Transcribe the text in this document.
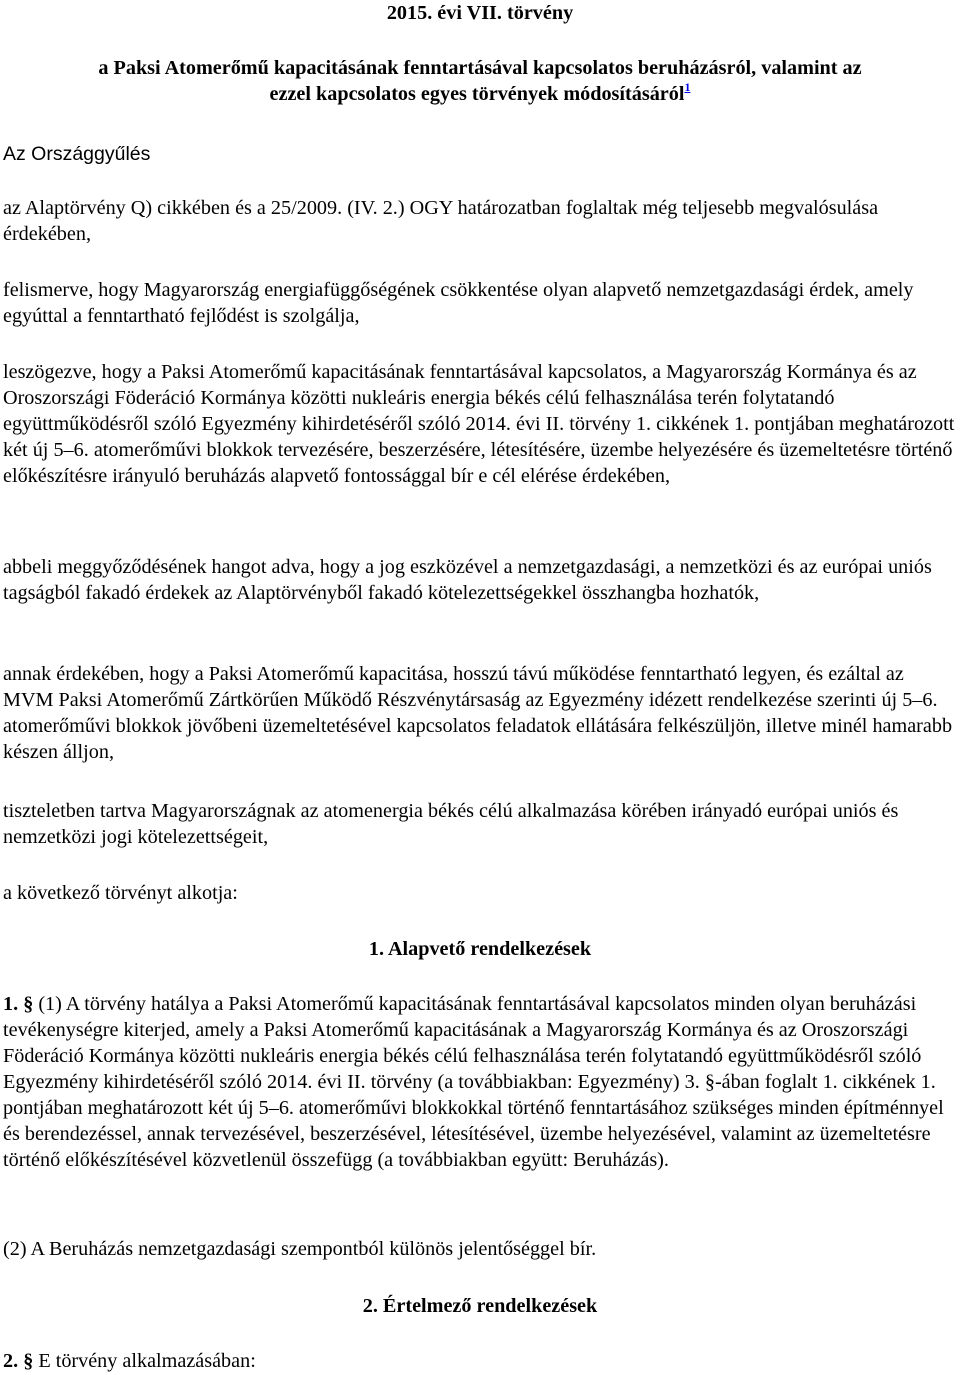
2015. évi VII. törvény

a Paksi Atomerőmű kapacitásának fenntartásával kapcsolatos beruházásról, valamint az

ezzel kapcsolatos egyes törvények módosításáról$^1$

Az Országgyűlés

az Alaptörvény Q) cikkében és a 25/2009. (IV. 2.) OGY határozatban foglaltak még teljesebb megvalósulása érdekében,

felismerve, hogy Magyarország energiafüggőségének csökkentése olyan alapvető nemzetgazdasági érdek, amely egyúttal a fenntartható fejlődést is szolgálja,

leszögezve, hogy a Paksi Atomerőmű kapacitásának fenntartásával kapcsolatos, a Magyarország Kormánya és az Oroszországi Föderáció Kormánya közötti nukleáris energia békés célú felhasználása terén folytatandó együttműködésről szóló Egyezmény kihirdetéséről szóló 2014. évi II. törvény 1. cikkének 1. pontjában meghatározott két új 5–6. atomerőművi blokkok tervezésére, beszerzésére, létesítésére, üzembe helyezésére és üzemeltetésre történő előkészítésre irányuló beruházás alapvető fontossággal bír e cél elérése érdekében,

abbeli meggyőződésének hangot adva, hogy a jog eszközével a nemzetgazdasági, a nemzetközi és az európai uniós tagságból fakadó érdekek az Alaptörvényből fakadó kötelezettségekkel összhangba hozhatók,

annak érdekében, hogy a Paksi Atomerőmű kapacitása, hosszú távú működése fenntartható legyen, és ezáltal az MVM Paksi Atomerőmű Zártkörűen Működő Részvénytársaság az Egyezmény idézett rendelkezése szerinti új 5–6. atomerőművi blokkok jövőbeni üzemeltetésével kapcsolatos feladatok ellátására felkészüljön, illetve minél hamarabb készen álljon,

tiszteletben tartva Magyarországnak az atomenergia békés célú alkalmazása körében irányadó európai uniós és nemzetközi jogi kötelezettségeit,

a következő törvényt alkotja:

1. Alapvető rendelkezések

1. § (1) A törvény hatálya a Paksi Atomerőmű kapacitásának fenntartásával kapcsolatos minden olyan beruházási tevékenységre kiterjed, amely a Paksi Atomerőmű kapacitásának a Magyarország Kormánya és az Oroszországi Föderáció Kormánya közötti nukleáris energia békés célú felhasználása terén folytatandó együttműködésről szóló Egyezmény kihirdetéséről szóló 2014. évi II. törvény (a továbbiakban: Egyezmény) 3. §-ában foglalt 1. cikkének 1. pontjában meghatározott két új 5–6. atomerőművi blokkokkal történő fenntartásához szükséges minden építménnyel és berendezéssel, annak tervezésével, beszerzésével, létesítésével, üzembe helyezésével, valamint az üzemeltetésre történő előkészítésével közvetlenül összefügg (a továbbiakban együtt: Beruházás).

(2) A Beruházás nemzetgazdasági szempontból különös jelentőséggel bír.

2. Értelmező rendelkezések

2. § E törvény alkalmazásában:
